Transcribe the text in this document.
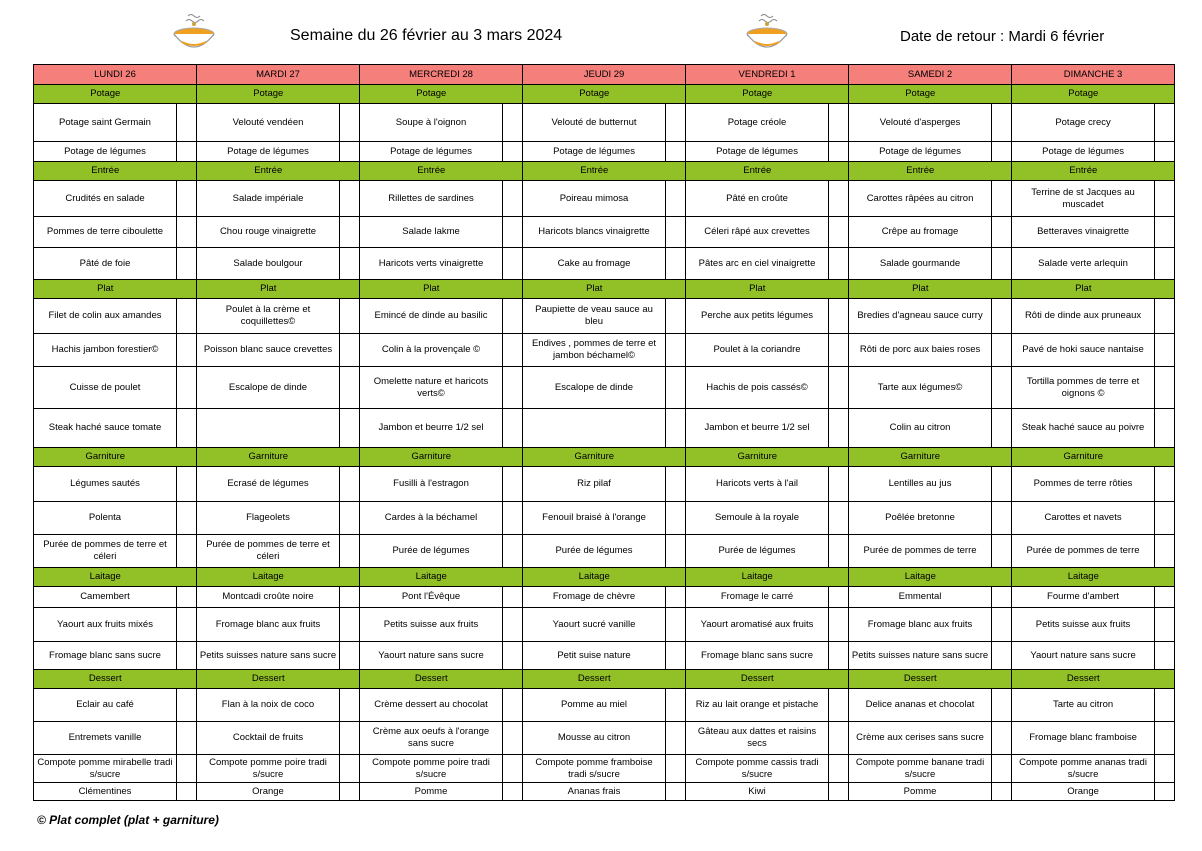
Semaine du 26 février au 3 mars 2024	Date de retour : Mardi 6 février
LUNDI 26		MARDI 27		MERCREDI 28		JEUDI 29		VENDREDI 1		SAMEDI 2		DIMANCHE 3	
Potage		Potage		Potage		Potage		Potage		Potage		Potage	
Potage saint Germain		Velouté vendéen		Soupe à l'oignon		Velouté de butternut		Potage créole		Velouté d'asperges		Potage crecy	
Potage de légumes		Potage de légumes		Potage de légumes		Potage de légumes		Potage de légumes		Potage de légumes		Potage de légumes	
Entrée		Entrée		Entrée		Entrée		Entrée		Entrée		Entrée	
Crudités en salade		Salade impériale		Rillettes de sardines		Poireau mimosa		Pâté en croûte		Carottes râpées au citron		Terrine de st Jacques au muscadet	
Pommes de terre ciboulette		Chou rouge vinaigrette		Salade lakme		Haricots blancs vinaigrette		Céleri râpé aux crevettes		Crêpe au fromage		Betteraves vinaigrette	
Pâté de foie		Salade boulgour		Haricots verts vinaigrette		Cake au fromage		Pâtes arc en ciel vinaigrette		Salade gourmande		Salade verte arlequin	
Plat		Plat		Plat		Plat		Plat		Plat		Plat	
Filet de colin aux amandes		Poulet à la crème et coquillettes©		Emincé de dinde au basilic		Paupiette de veau sauce au bleu		Perche aux petits légumes		Bredies d'agneau sauce curry		Rôti de dinde aux pruneaux	
Hachis jambon forestier©		Poisson blanc sauce crevettes		Colin à la provençale ©		Endives , pommes de terre et jambon béchamel©		Poulet à la coriandre		Rôti de porc aux baies roses		Pavé de hoki sauce nantaise	
Cuisse de poulet		Escalope de dinde		Omelette nature et haricots verts©		Escalope de dinde		Hachis de pois cassés©		Tarte aux légumes©		Tortilla pommes de terre et oignons ©	
Steak haché sauce tomate				Jambon et beurre 1/2 sel				Jambon et beurre 1/2 sel		Colin au citron		Steak haché sauce au poivre	
Garniture		Garniture		Garniture		Garniture		Garniture		Garniture		Garniture	
Légumes sautés		Ecrasé de légumes		Fusilli à l'estragon		Riz pilaf		Haricots verts à l'ail		Lentilles au jus		Pommes de terre rôties	
Polenta		Flageolets		Cardes à la béchamel		Fenouil braisé à l'orange		Semoule à la royale		Poêlée bretonne		Carottes et navets	
Purée de pommes de terre et céleri		Purée de pommes de terre et céleri		Purée de légumes		Purée de légumes		Purée de légumes		Purée de pommes de terre		Purée de pommes de terre	
Laitage		Laitage		Laitage		Laitage		Laitage		Laitage		Laitage	
Camembert		Montcadi croûte noire		Pont l'Évêque		Fromage de chèvre		Fromage le carré		Emmental		Fourme d'ambert	
Yaourt aux fruits mixés		Fromage blanc aux fruits		Petits suisse aux fruits		Yaourt sucré vanille		Yaourt aromatisé aux fruits		Fromage blanc aux fruits		Petits suisse aux fruits	
Fromage blanc sans sucre		Petits suisses nature sans sucre		Yaourt nature sans sucre		Petit suise nature		Fromage blanc sans sucre		Petits suisses nature sans sucre		Yaourt nature sans sucre	
Dessert		Dessert		Dessert		Dessert		Dessert		Dessert		Dessert	
Eclair au café		Flan à la noix de coco		Crème dessert au chocolat		Pomme au miel		Riz au lait orange et pistache		Delice ananas et chocolat		Tarte au citron	
Entremets vanille		Cocktail de fruits		Crème aux oeufs à l'orange sans sucre		Mousse au citron		Gâteau aux dattes et raisins secs		Crème aux cerises sans sucre		Fromage blanc framboise	
Compote pomme mirabelle tradi s/sucre		Compote pomme poire tradi s/sucre		Compote pomme poire tradi s/sucre		Compote pomme framboise tradi s/sucre		Compote pomme cassis tradi s/sucre		Compote pomme banane tradi s/sucre		Compote pomme ananas tradi s/sucre	
Clémentines		Orange		Pomme		Ananas frais		Kiwi		Pomme		Orange	
© Plat complet (plat + garniture)
